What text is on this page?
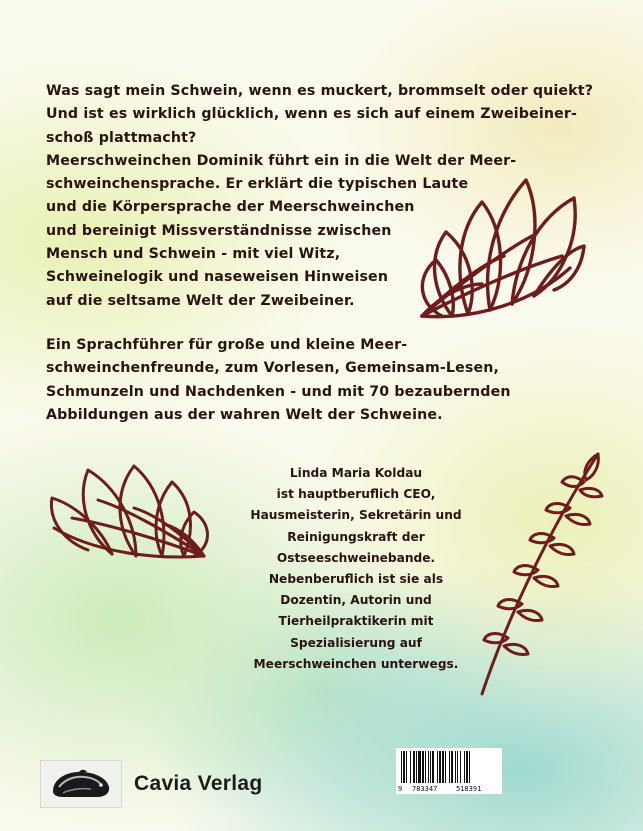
Was sagt mein Schwein, wenn es muckert, brommselt oder quiekt?
Und ist es wirklich glücklich, wenn es sich auf einem Zweibeiner-
schoß plattmacht?
Meerschweinchen Dominik führt ein in die Welt der Meer-
schweinchensprache. Er erklärt die typischen Laute
und die Körpersprache der Meerschweinchen
und bereinigt Missverständnisse zwischen
Mensch und Schwein - mit viel Witz,
Schweinelogik und naseweisen Hinweisen
auf die seltsame Welt der Zweibeiner.

Ein Sprachführer für große und kleine Meer-
schweinchenfreunde, zum Vorlesen, Gemeinsam-Lesen,
Schmunzeln und Nachdenken - und mit 70 bezaubernden
Abbildungen aus der wahren Welt der Schweine.

Linda Maria Koldau
ist hauptberuflich CEO,
Hausmeisterin, Sekretärin und
Reinigungskraft der
Ostseeschweinebande.
Nebenberuflich ist sie als
Dozentin, Autorin und
Tierheilpraktikerin mit
Spezialisierung auf
Meerschweinchen unterwegs.
Cavia Verlag	9 783347	518391
